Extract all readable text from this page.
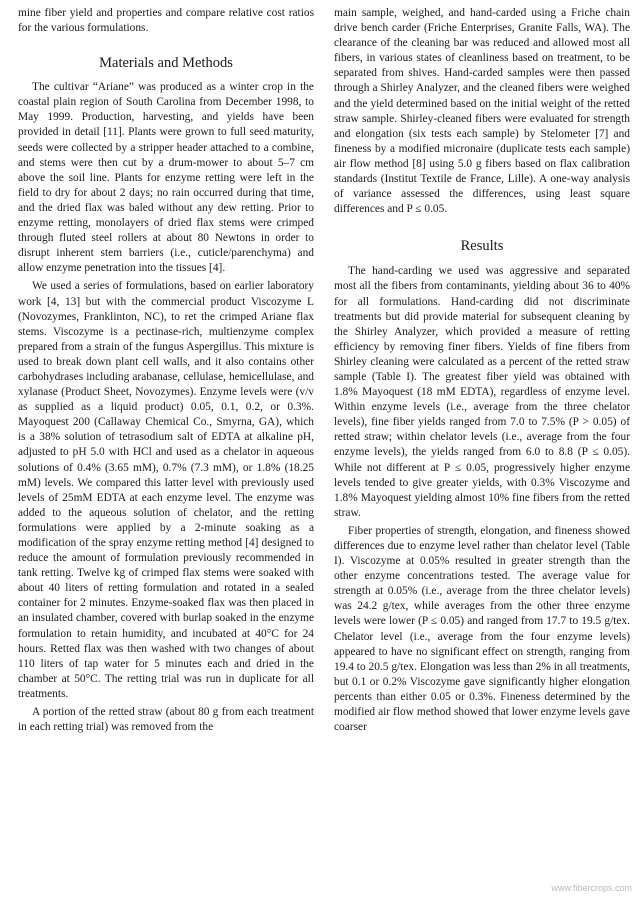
mine fiber yield and properties and compare relative cost ratios for the various formulations.

Materials and Methods

The cultivar “Ariane” was produced as a winter crop in the coastal plain region of South Carolina from December 1998, to May 1999. Production, harvesting, and yields have been provided in detail [11]. Plants were grown to full seed maturity, seeds were collected by a stripper header attached to a combine, and stems were then cut by a drum-mower to about 5–7 cm above the soil line. Plants for enzyme retting were left in the field to dry for about 2 days; no rain occurred during that time, and the dried flax was baled without any dew retting. Prior to enzyme retting, monolayers of dried flax stems were crimped through fluted steel rollers at about 80 Newtons in order to disrupt inherent stem barriers (i.e., cuticle/parenchyma) and allow enzyme penetration into the tissues [4].

We used a series of formulations, based on earlier laboratory work [4, 13] but with the commercial product Viscozyme L (Novozymes, Franklinton, NC), to ret the crimped Ariane flax stems. Viscozyme is a pectinase-rich, multienzyme complex prepared from a strain of the fungus Aspergillus. This mixture is used to break down plant cell walls, and it also contains other carbohydrases including arabanase, cellulase, hemicellulase, and xylanase (Product Sheet, Novozymes). Enzyme levels were (v/v as supplied as a liquid product) 0.05, 0.1, 0.2, or 0.3%. Mayoquest 200 (Callaway Chemical Co., Smyrna, GA), which is a 38% solution of tetrasodium salt of EDTA at alkaline pH, adjusted to pH 5.0 with HCl and used as a chelator in aqueous solutions of 0.4% (3.65 mM), 0.7% (7.3 mM), or 1.8% (18.25 mM) levels. We compared this latter level with previously used levels of 25mM EDTA at each enzyme level. The enzyme was added to the aqueous solution of chelator, and the retting formulations were applied by a 2-minute soaking as a modification of the spray enzyme retting method [4] designed to reduce the amount of formulation previously recommended in tank retting. Twelve kg of crimped flax stems were soaked with about 40 liters of retting formulation and rotated in a sealed container for 2 minutes. Enzyme-soaked flax was then placed in an insulated chamber, covered with burlap soaked in the enzyme formulation to retain humidity, and incubated at 40°C for 24 hours. Retted flax was then washed with two changes of about 110 liters of tap water for 5 minutes each and dried in the chamber at 50°C. The retting trial was run in duplicate for all treatments.

A portion of the retted straw (about 80 g from each treatment in each retting trial) was removed from the

main sample, weighed, and hand-carded using a Friche chain drive bench carder (Friche Enterprises, Granite Falls, WA). The clearance of the cleaning bar was reduced and allowed most all fibers, in various states of cleanliness based on treatment, to be separated from shives. Hand-carded samples were then passed through a Shirley Analyzer, and the cleaned fibers were weighed and the yield determined based on the initial weight of the retted straw sample. Shirley-cleaned fibers were evaluated for strength and elongation (six tests each sample) by Stelometer [7] and fineness by a modified micronaire (duplicate tests each sample) air flow method [8] using 5.0 g fibers based on flax calibration standards (Institut Textile de France, Lille). A one-way analysis of variance assessed the differences, using least square differences and P ≤ 0.05.

Results

The hand-carding we used was aggressive and separated most all the fibers from contaminants, yielding about 36 to 40% for all formulations. Hand-carding did not discriminate treatments but did provide material for subsequent cleaning by the Shirley Analyzer, which provided a measure of retting efficiency by removing finer fibers. Yields of fine fibers from Shirley cleaning were calculated as a percent of the retted straw sample (Table I). The greatest fiber yield was obtained with 1.8% Mayoquest (18 mM EDTA), regardless of enzyme level. Within enzyme levels (i.e., average from the three chelator levels), fine fiber yields ranged from 7.0 to 7.5% (P > 0.05) of retted straw; within chelator levels (i.e., average from the four enzyme levels), the yields ranged from 6.0 to 8.8 (P ≤ 0.05). While not different at P ≤ 0.05, progressively higher enzyme levels tended to give greater yields, with 0.3% Viscozyme and 1.8% Mayoquest yielding almost 10% fine fibers from the retted straw.

Fiber properties of strength, elongation, and fineness showed differences due to enzyme level rather than chelator level (Table I). Viscozyme at 0.05% resulted in greater strength than the other enzyme concentrations tested. The average value for strength at 0.05% (i.e., average from the three chelator levels) was 24.2 g/tex, while averages from the other three enzyme levels were lower (P ≤ 0.05) and ranged from 17.7 to 19.5 g/tex. Chelator level (i.e., average from the four enzyme levels) appeared to have no significant effect on strength, ranging from 19.4 to 20.5 g/tex. Elongation was less than 2% in all treatments, but 0.1 or 0.2% Viscozyme gave significantly higher elongation percents than either 0.05 or 0.3%. Fineness determined by the modified air flow method showed that lower enzyme levels gave coarser

www.fibercrops.com
